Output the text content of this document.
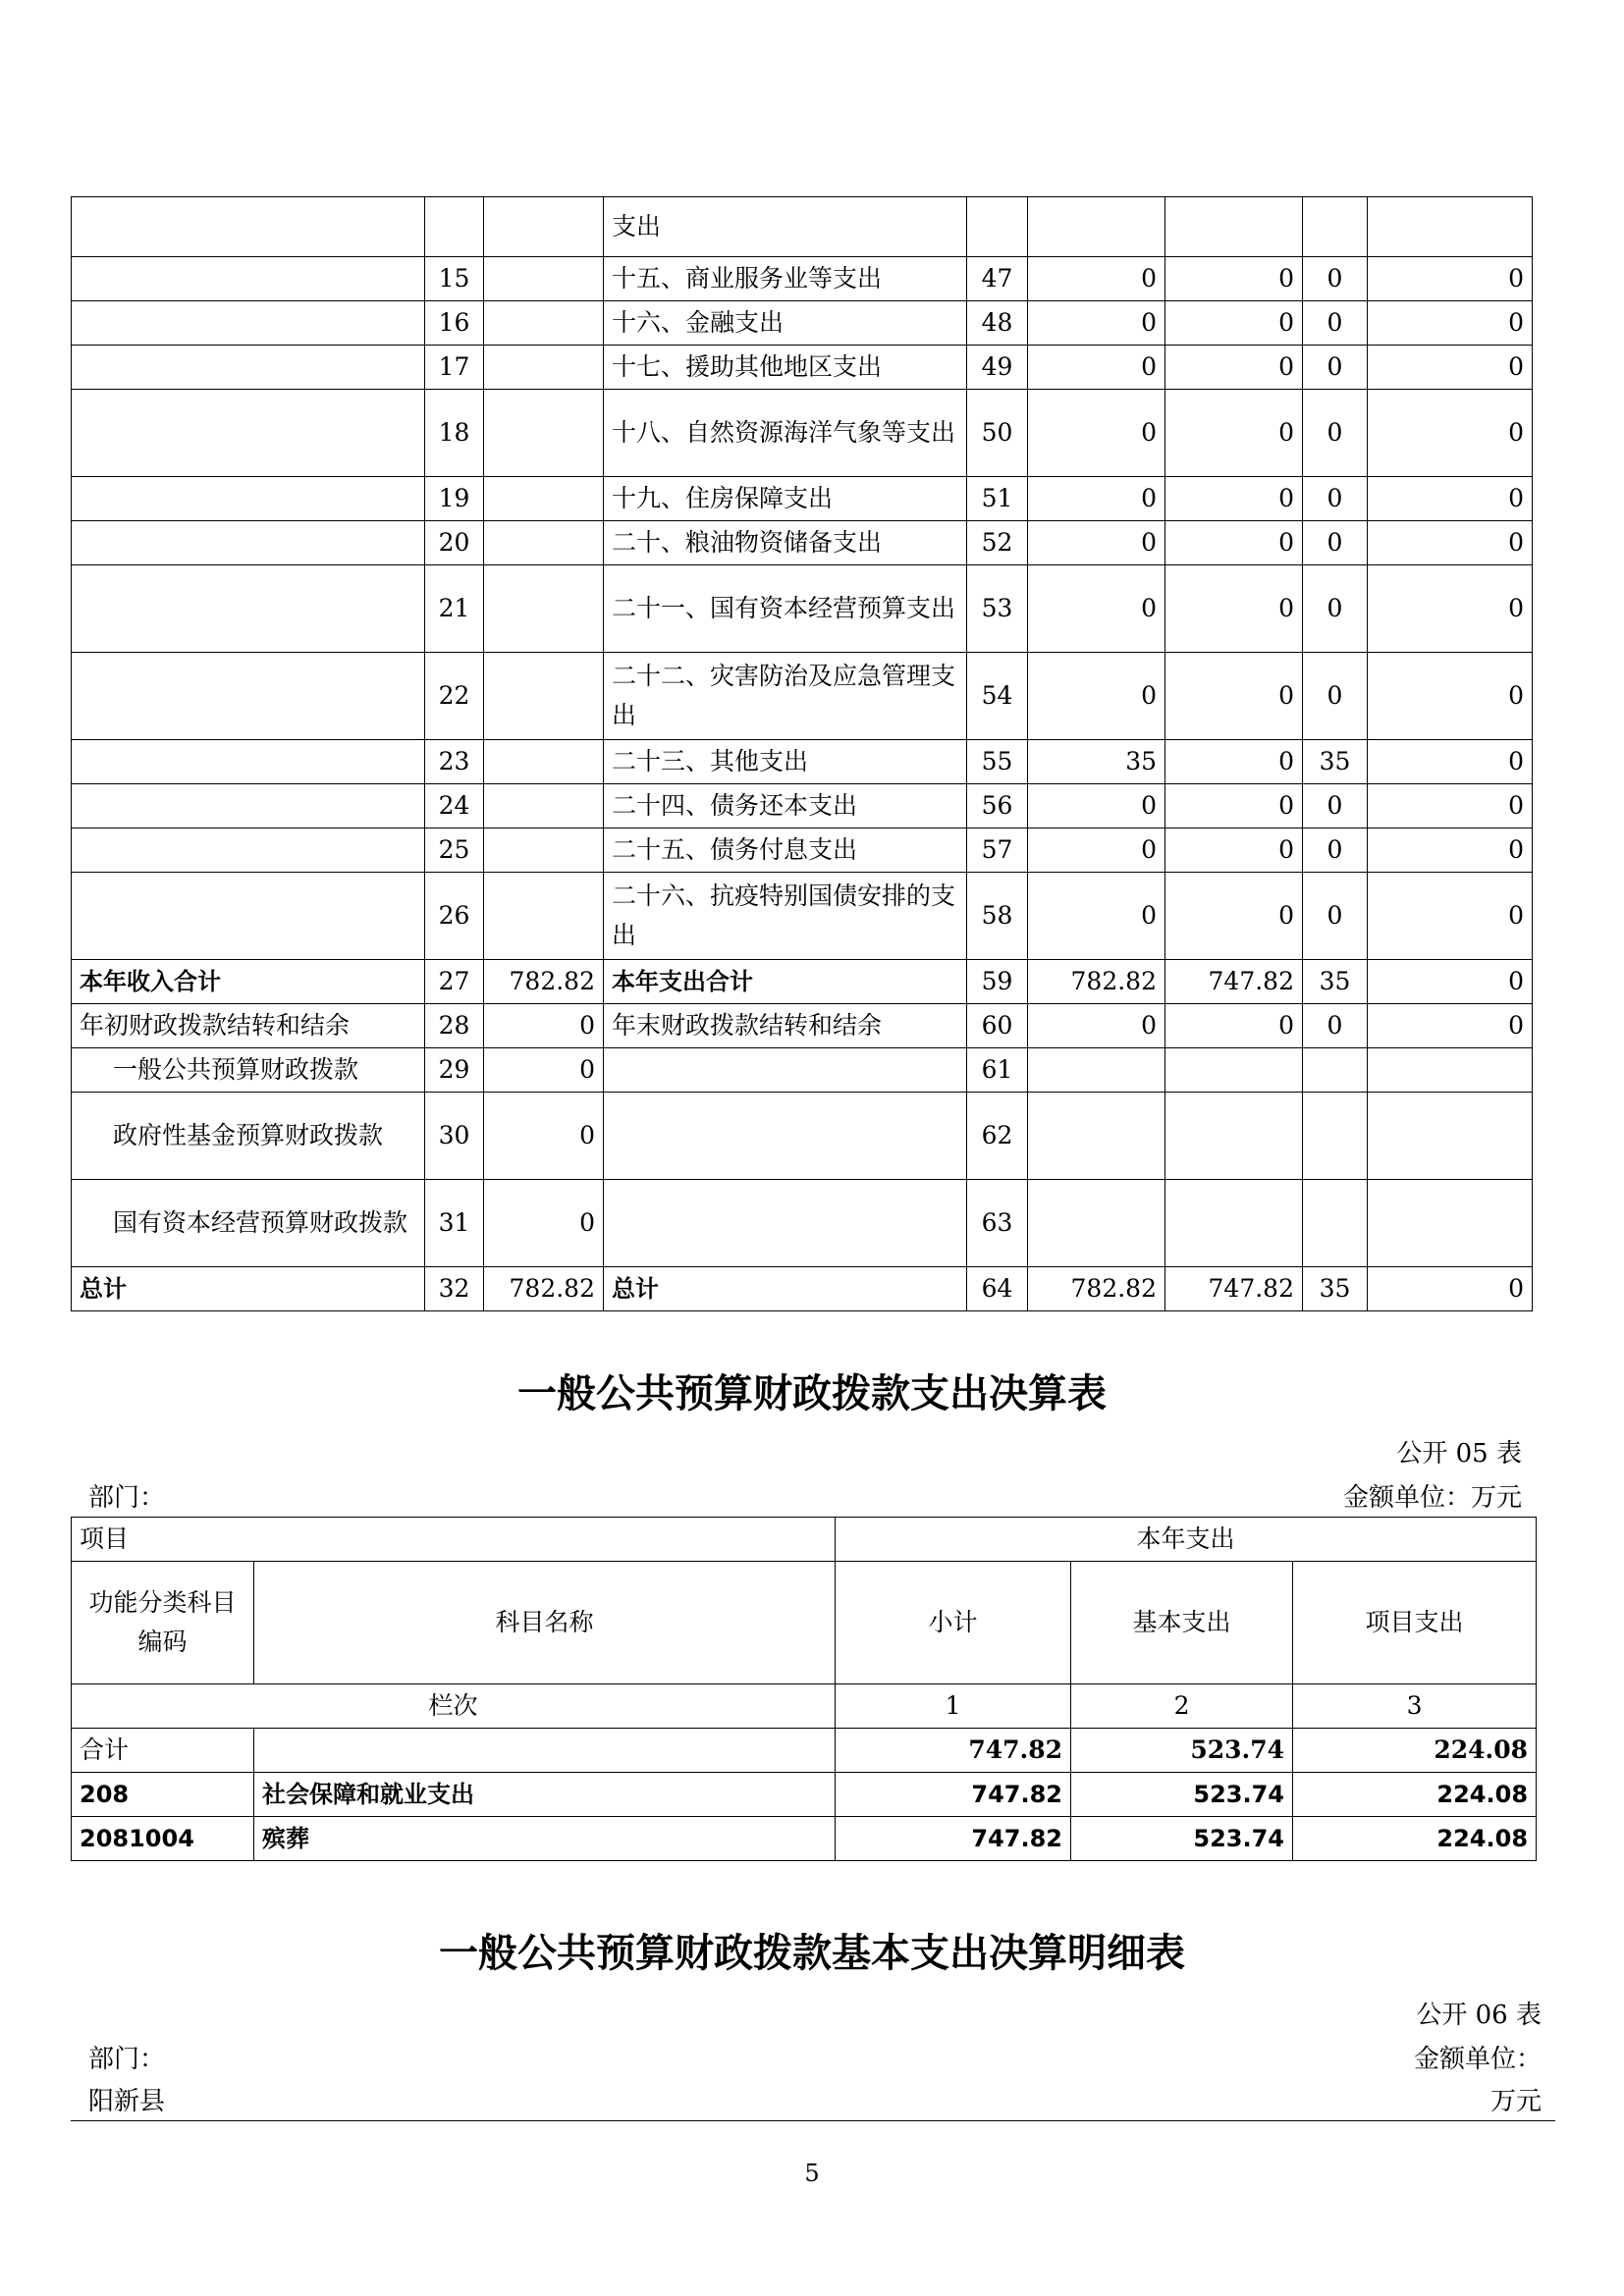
			支出					
	15		十五、商业服务业等支出	47	0	0	0	0
	16		十六、金融支出	48	0	0	0	0
	17		十七、援助其他地区支出	49	0	0	0	0
	18		十八、自然资源海洋气象等支出	50	0	0	0	0
	19		十九、住房保障支出	51	0	0	0	0
	20		二十、粮油物资储备支出	52	0	0	0	0
	21		二十一、国有资本经营预算支出	53	0	0	0	0
	22		二十二、灾害防治及应急管理支出	54	0	0	0	0
	23		二十三、其他支出	55	35	0	35	0
	24		二十四、债务还本支出	56	0	0	0	0
	25		二十五、债务付息支出	57	0	0	0	0
	26		二十六、抗疫特别国债安排的支出	58	0	0	0	0
本年收入合计	27	782.82	本年支出合计	59	782.82	747.82	35	0
年初财政拨款结转和结余	28	0	年末财政拨款结转和结余	60	0	0	0	0
一般公共预算财政拨款	29	0		61				
政府性基金预算财政拨款	30	0		62				
国有资本经营预算财政拨款	31	0		63				
总计	32	782.82	总计	64	782.82	747.82	35	0
一般公共预算财政拨款支出决算表
公开 05 表
部门：	金额单位：万元
项目		本年支出		
功能分类科目编码	科目名称	小计	基本支出	项目支出
栏次		1	2	3
合计		747.82	523.74	224.08
208	社会保障和就业支出	747.82	523.74	224.08
2081004	殡葬	747.82	523.74	224.08
一般公共预算财政拨款基本支出决算明细表
公开 06 表
部门：	金额单位：
阳新县	万元
5
